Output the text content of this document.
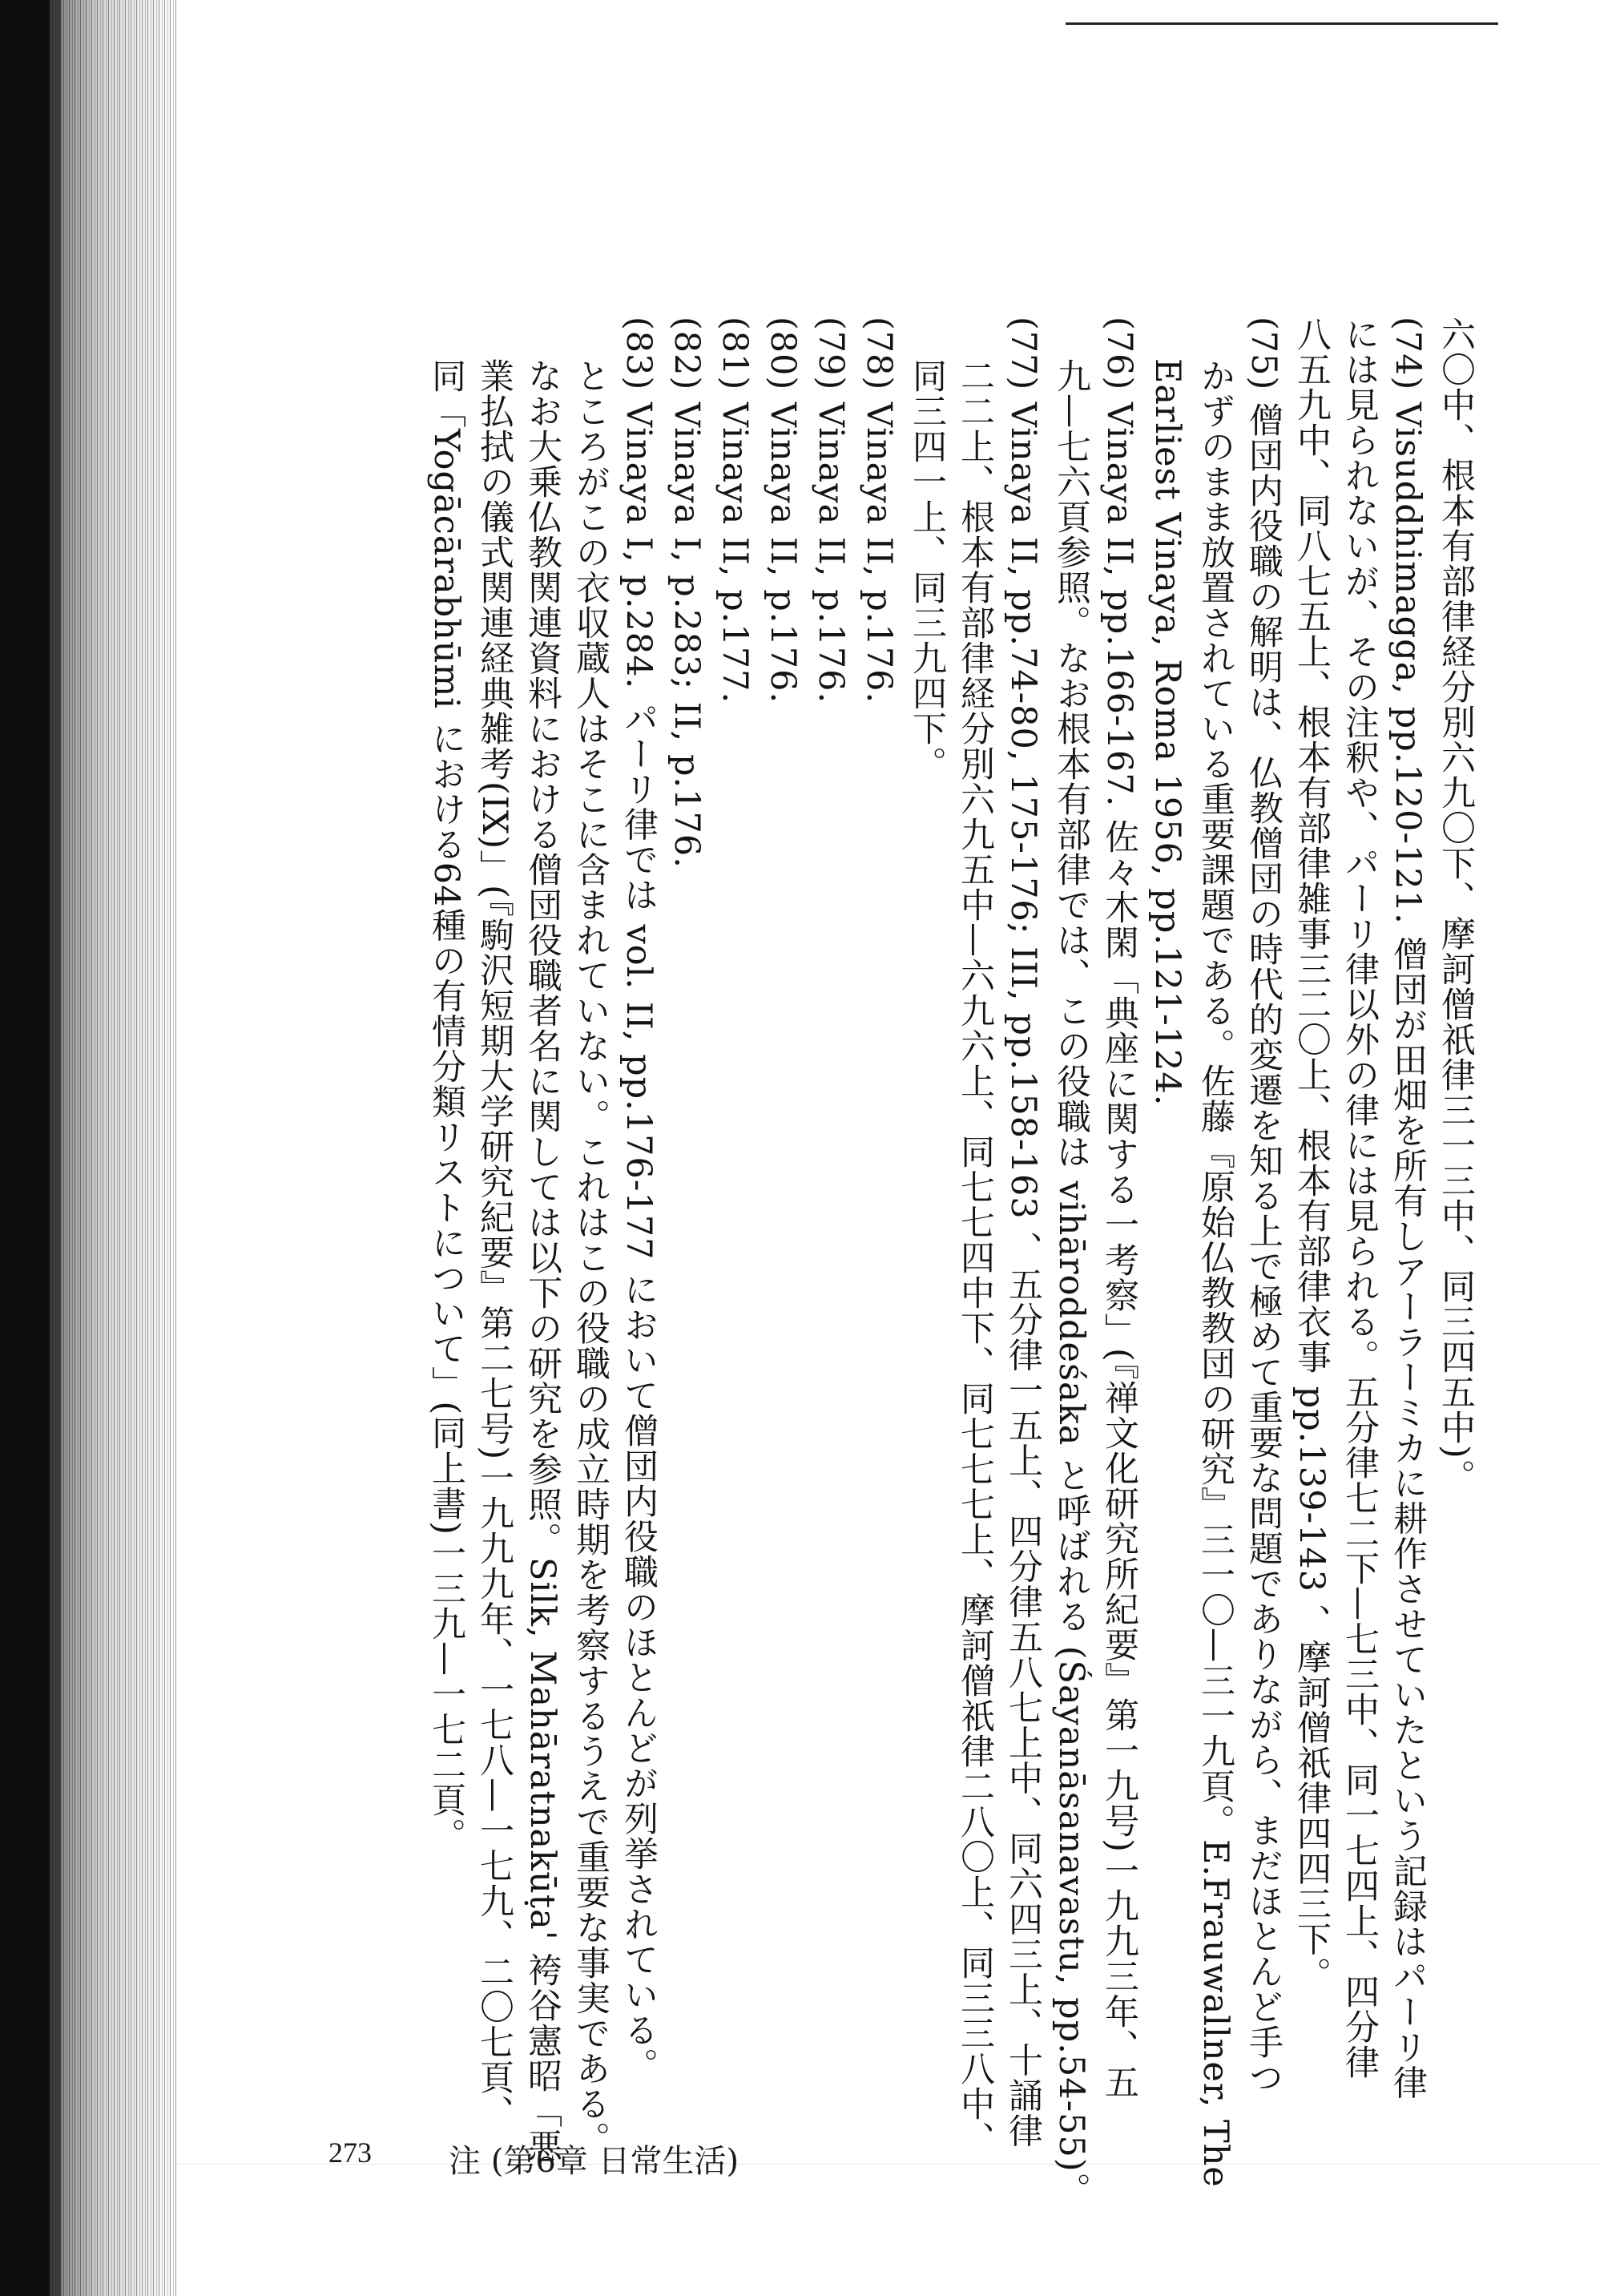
六〇中、根本有部律経分別六九〇下、摩訶僧祇律三一三中、同三四五中)。
(74) Visuddhimagga, pp.120-121. 僧団が田畑を所有しアーラーミカに耕作させていたという記録はパーリ律
には見られないが、その注釈や、パーリ律以外の律には見られる。五分律七二下—七三中、同一七四上、四分律
八五九中、同八七五上、根本有部律雑事三二〇上、根本有部律衣事 pp.139-143 、摩訶僧祇律四四三下。
(75) 僧団内役職の解明は、仏教僧団の時代的変遷を知る上で極めて重要な問題でありながら、まだほとんど手つ
かずのまま放置されている重要課題である。佐藤『原始仏教教団の研究』三一〇—三一九頁。E.Frauwallner, The
Earliest Vinaya, Roma 1956, pp.121-124.
(76) Vinaya II, pp.166-167. 佐々木閑「典座に関する一考察」(『禅文化研究所紀要』第一九号)一九九三年、五
九—七六頁参照。なお根本有部律では、この役職は vihāroddeśaka と呼ばれる (Śayanāsanavastu, pp.54-55)。
(77) Vinaya II, pp.74-80, 175-176; III, pp.158-163 、五分律一五上、四分律五八七上中、同六四三上、十誦律
二二上、根本有部律経分別六九五中—六九六上、同七七四中下、同七七七上、摩訶僧祇律二八〇上、同三三八中、
同三四一上、同三九四下。
(78) Vinaya II, p.176.
(79) Vinaya II, p.176.
(80) Vinaya II, p.176.
(81) Vinaya II, p.177.
(82) Vinaya I, p.283; II, p.176.
(83) Vinaya I, p.284. パーリ律では vol. II, pp.176-177 において僧団内役職のほとんどが列挙されている。
ところがこの衣収蔵人はそこに含まれていない。これはこの役職の成立時期を考察するうえで重要な事実である。
なお大乗仏教関連資料における僧団役職者名に関しては以下の研究を参照。Silk, Mahāratnakūṭa' 袴谷憲昭「悪
業払拭の儀式関連経典雑考(IX)」(『駒沢短期大学研究紀要』第二七号)一九九九年、一七八—一七九、二〇七頁、
同「Yogācārabhūmi における64種の有情分類リストについて」(同上書)一三九—一七二頁。
273 注 (第6章 日常生活)
